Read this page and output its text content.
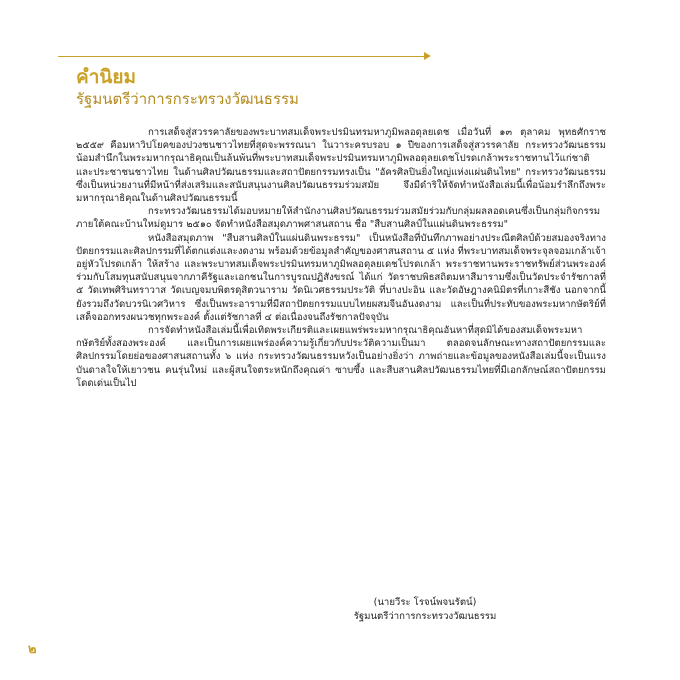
คำนิยม
รัฐมนตรีว่าการกระทรวงวัฒนธรรม

การเสด็จสู่สวรรคาลัยของพระบาทสมเด็จพระปรมินทรมหาภูมิพลอดุลยเดช เมื่อวันที่ ๑๓ ตุลาคม พุทธศักราช ๒๕๕๙ คือมหาวิปโยคของปวงชนชาวไทยที่สุดจะพรรณนา ในวาระครบรอบ ๑ ปีของการเสด็จสู่สวรรคาลัย กระทรวงวัฒนธรรมน้อมสำนึกในพระมหากรุณาธิคุณเป็นล้นพ้นที่พระบาทสมเด็จพระปรมินทรมหาภูมิพลอดุลยเดชโปรดเกล้าพระราชทานไว้แก่ชาติและประชาชนชาวไทย ในด้านศิลปวัฒนธรรมและสถาปัตยกรรมทรงเป็น "อัครศิลปินยิ่งใหญ่แห่งแผ่นดินไทย" กระทรวงวัฒนธรรมซึ่งเป็นหน่วยงานที่มีหน้าที่ส่งเสริมและสนับสนุนงานศิลปวัฒนธรรมร่วมสมัย จึงมีดำริให้จัดทำหนังสือเล่มนี้เพื่อน้อมรำลึกถึงพระมหากรุณาธิคุณในด้านศิลปวัฒนธรรมนี้

กระทรวงวัฒนธรรมได้มอบหมายให้สำนักงานศิลปวัฒนธรรมร่วมสมัยร่วมกับกลุ่มผลลอดเคนซึ่งเป็นกลุ่มกิจกรรมภายใต้คณะบ้านใหม่ดูมาร ๒๕๑๐ จัดทำหนังสือสมุดภาพศาสนสถาน ชื่อ "สืบสานศิลป์ในแผ่นดินพระธรรม"

หนังสือสมุดภาพ "สืบสานศิลป์ในแผ่นดินพระธรรม" เป็นหนังสือที่บันทึกภาพอย่างประณีตศิลป์ด้วยสมองจริงทางปัตยกรรมและศิลปกรรมที่ได้ตกแต่งและงดงาม พร้อมด้วยข้อมูลสำคัญของศาสนสถาน ๕ แห่ง ที่พระบาทสมเด็จพระจุลจอมเกล้าเจ้าอยู่หัวโปรดเกล้า ให้สร้าง และพระบาทสมเด็จพระปรมินทรมหาภูมิพลอดุลยเดชโปรดเกล้า พระราชทานพระราชทรัพย์ส่วนพระองค์ร่วมกับโสมทุนสนับสนุนจากภาคีรัฐและเอกชนในการบูรณปฏิสังขรณ์ ได้แก่ วัดราชบพิธสถิตมหาสีมารามซึ่งเป็นวัดประจำรัชกาลที่ ๕ วัดเทพศิรินทราวาส วัดเบญจมบพิตรดุสิตวนาราม วัดนิเวศธรรมประวัติ ที่บางปะอิน และวัดอัษฎางคนิมิตรที่เกาะสีชัง นอกจากนี้ยังรวมถึงวัดบวรนิเวศวิหาร ซึ่งเป็นพระอารามที่มีสถาปัตยกรรมแบบไทยผสมจีนอันงดงาม และเป็นที่ประทับของพระมหากษัตริย์ที่เสด็จออกทรงผนวชทุกพระองค์ ตั้งแต่รัชกาลที่ ๔ ต่อเนื่องจนถึงรัชกาลปัจจุบัน

การจัดทำหนังสือเล่มนี้เพื่อเทิดพระเกียรติและเผยแพร่พระมหากรุณาธิคุณอันหาที่สุดมิได้ของสมเด็จพระมหากษัตริย์ทั้งสองพระองค์ และเป็นการเผยแพร่องค์ความรู้เกี่ยวกับประวัติความเป็นมา ตลอดจนลักษณะทางสถาปัตยกรรมและศิลปกรรมโดยย่อของศาสนสถานทั้ง ๖ แห่ง กระทรวงวัฒนธรรมหวังเป็นอย่างยิ่งว่า ภาพถ่ายและข้อมูลของหนังสือเล่มนี้จะเป็นแรงบันดาลใจให้เยาวชน คนรุ่นใหม่ และผู้สนใจตระหนักถึงคุณค่า ซาบซึ้ง และสืบสานศิลปวัฒนธรรมไทยที่มีเอกลักษณ์สถาปัตยกรรมโดดเด่นเป็นไป

(นายวีระ โรจน์พจนรัตน์)
รัฐมนตรีว่าการกระทรวงวัฒนธรรม
๒
